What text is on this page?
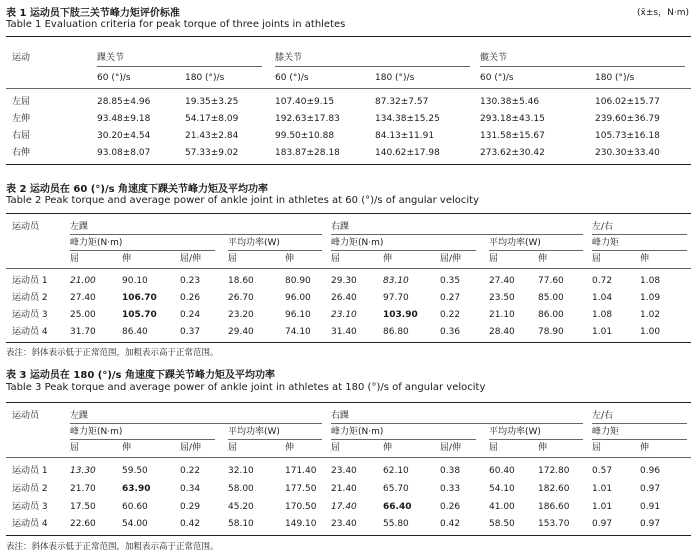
表 1 运动员下肢三关节峰力矩评价标准	(x̄±s，N·m)
Table 1 Evaluation criteria for peak torque of three joints in athletes
运动	踝关节	膝关节	髋关节
60 (°)/s	180 (°)/s	60 (°)/s	180 (°)/s	60 (°)/s	180 (°)/s
左屈	28.85±4.96	19.35±3.25	107.40±9.15	87.32±7.57	130.38±5.46	106.02±15.77
左伸	93.48±9.18	54.17±8.09	192.63±17.83	134.38±15.25	293.18±43.15	239.60±36.79
右屈	30.20±4.54	21.43±2.84	99.50±10.88	84.13±11.91	131.58±15.67	105.73±16.18
右伸	93.08±8.07	57.33±9.02	183.87±28.18	140.62±17.98	273.62±30.42	230.30±33.40
表 2 运动员在 60 (°)/s 角速度下踝关节峰力矩及平均功率
Table 2 Peak torque and average power of ankle joint in athletes at 60 (°)/s of angular velocity
运动员	左踝	右踝	左/右
峰力矩(N·m)	平均功率(W)	峰力矩(N·m)	平均功率(W)	峰力矩
屈	伸	屈/伸	屈	伸	屈	伸	屈/伸	屈	伸	屈	伸
运动员 1 21.00	90.10	0.23	18.60	80.90 29.30	83.10	0.35	27.40	77.60	0.72	1.08
运动员 2 27.40	106.70	0.26	26.70	96.00 26.40	97.70	0.27	23.50	85.00	1.04	1.09
运动员 3 25.00	105.70	0.24	23.20	96.10 23.10	103.90 0.22	21.10	86.00	1.08	1.02
运动员 4 31.70	86.40	0.37	29.40	74.10 31.40	86.80	0.36	28.40	78.90	1.01	1.00
表注：斜体表示低于正常范围，加粗表示高于正常范围。
表 3 运动员在 180 (°)/s 角速度下踝关节峰力矩及平均功率
Table 3 Peak torque and average power of ankle joint in athletes at 180 (°)/s of angular velocity
运动员	左踝	右踝	左/右
峰力矩(N·m)	平均功率(W)	峰力矩(N·m)	平均功率(W)	峰力矩
屈	伸	屈/伸	屈	伸	屈	伸	屈/伸	屈	伸	屈	伸
运动员 1 13.30	59.50	0.22	32.10	171.40 23.40	62.10	0.38	60.40	172.80	0.57	0.96
运动员 2 21.70	63.90	0.34	58.00	177.50 21.40	65.70	0.33	54.10	182.60	1.01	0.97
运动员 3 17.50	60.60	0.29	45.20	170.50 17.40	66.40	0.26	41.00	186.60	1.01	0.91
运动员 4 22.60	54.00	0.42	58.10	149.10 23.40	55.80	0.42	58.50	153.70	0.97	0.97
表注：斜体表示低于正常范围，加粗表示高于正常范围。
